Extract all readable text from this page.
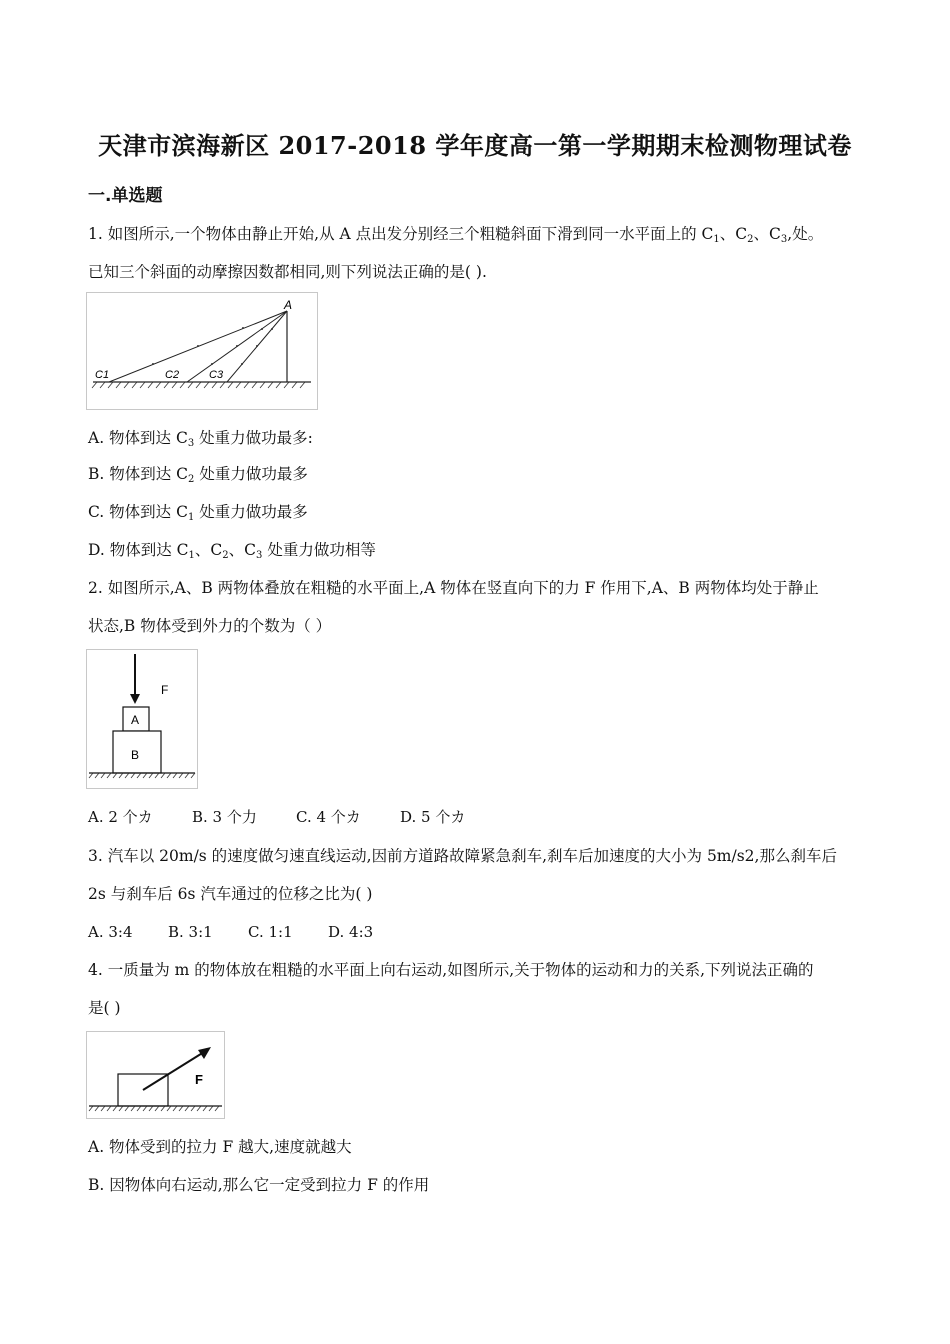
天津市滨海新区 2017-2018 学年度高一第一学期期末检测物理试卷
一.单选题
1. 如图所示,一个物体由静止开始,从 A 点出发分别经三个粗糙斜面下滑到同一水平面上的 $C_1$、$C_2$、$C_3$,处。
已知三个斜面的动摩擦因数都相同,则下列说法正确的是( ).
A
C1	C2	C3
A. 物体到达 $C_3$ 处重力做功最多:
B. 物体到达 $C_2$ 处重力做功最多
C. 物体到达 $C_1$ 处重力做功最多
D. 物体到达 $C_1$、$C_2$、$C_3$ 处重力做功相等
2. 如图所示,A、B 两物体叠放在粗糙的水平面上,A 物体在竖直向下的力 F 作用下,A、B 两物体均处于静止
状态,B 物体受到外力的个数为（ ）
F
A
B
A. 2 个カ	B. 3 个力	C. 4 个カ	D. 5 个カ
3. 汽车以 20m/s 的速度做匀速直线运动,因前方道路故障紧急刹车,刹车后加速度的大小为 5m/s2,那么刹车后
2s 与刹车后 6s 汽车通过的位移之比为( )
A. 3:4 B. 3:1 C. 1:1 D. 4:3
4. 一质量为 m 的物体放在粗糙的水平面上向右运动,如图所示,关于物体的运动和力的关系,下列说法正确的
是( )
F
A. 物体受到的拉力 F 越大,速度就越大
B. 因物体向右运动,那么它一定受到拉力 F 的作用
